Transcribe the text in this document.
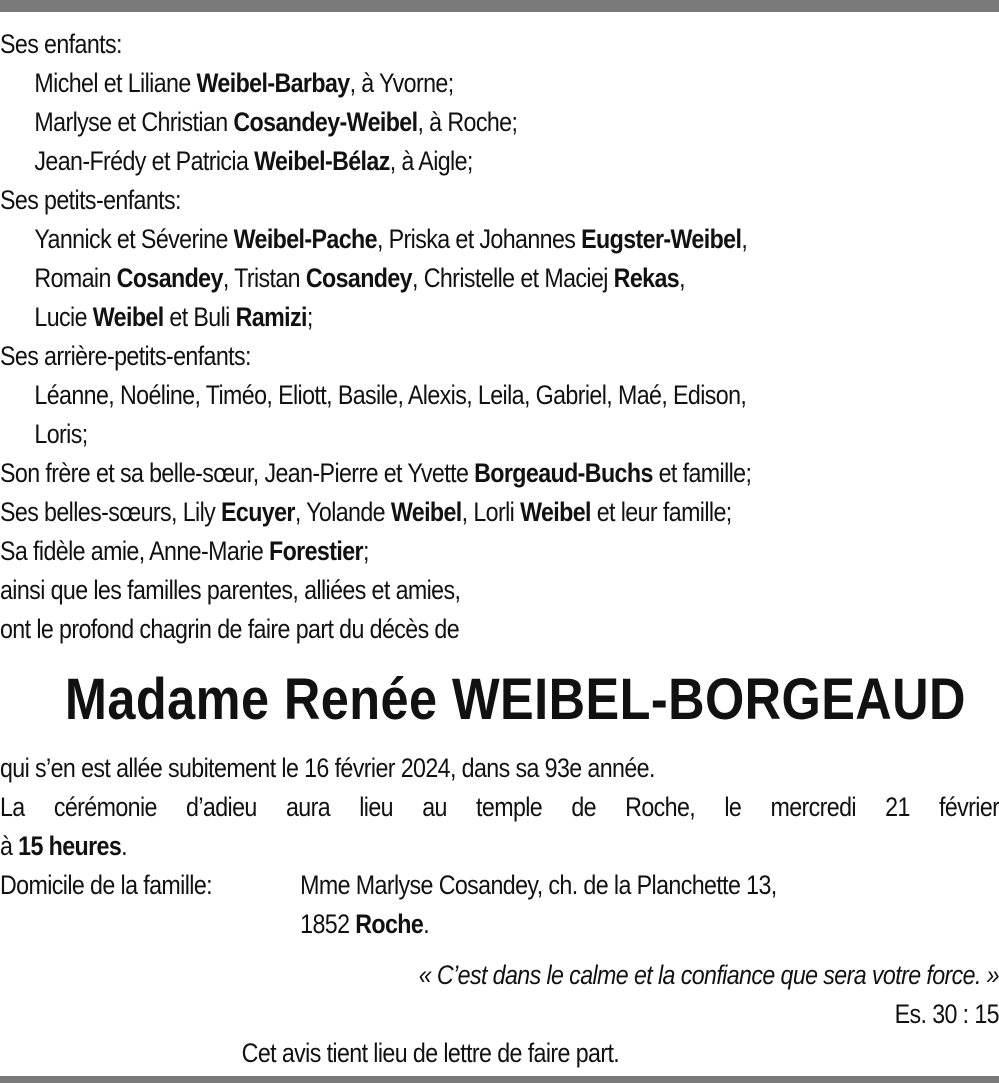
Ses enfants:
Michel et Liliane Weibel-Barbay, à Yvorne;
Marlyse et Christian Cosandey-Weibel, à Roche;
Jean-Frédy et Patricia Weibel-Bélaz, à Aigle;
Ses petits-enfants:
Yannick et Séverine Weibel-Pache, Priska et Johannes Eugster-Weibel,
Romain Cosandey, Tristan Cosandey, Christelle et Maciej Rekas,
Lucie Weibel et Buli Ramizi;
Ses arrière-petits-enfants:
Léanne, Noéline, Timéo, Eliott, Basile, Alexis, Leila, Gabriel, Maé, Edison,
Loris;
Son frère et sa belle-sœur, Jean-Pierre et Yvette Borgeaud-Buchs et famille;
Ses belles-sœurs, Lily Ecuyer, Yolande Weibel, Lorli Weibel et leur famille;
Sa fidèle amie, Anne-Marie Forestier;
ainsi que les familles parentes, alliées et amies,
ont le profond chagrin de faire part du décès de
Madame Renée WEIBEL-BORGEAUD
qui s’en est allée subitement le 16 février 2024, dans sa 93e année.
La cérémonie d’adieu aura lieu au temple de Roche, le mercredi 21 février
à 15 heures.
Domicile de la famille:	Mme Marlyse Cosandey, ch. de la Planchette 13,
1852 Roche.
« C’est dans le calme et la confiance que sera votre force. »
Es. 30 : 15
Cet avis tient lieu de lettre de faire part.
